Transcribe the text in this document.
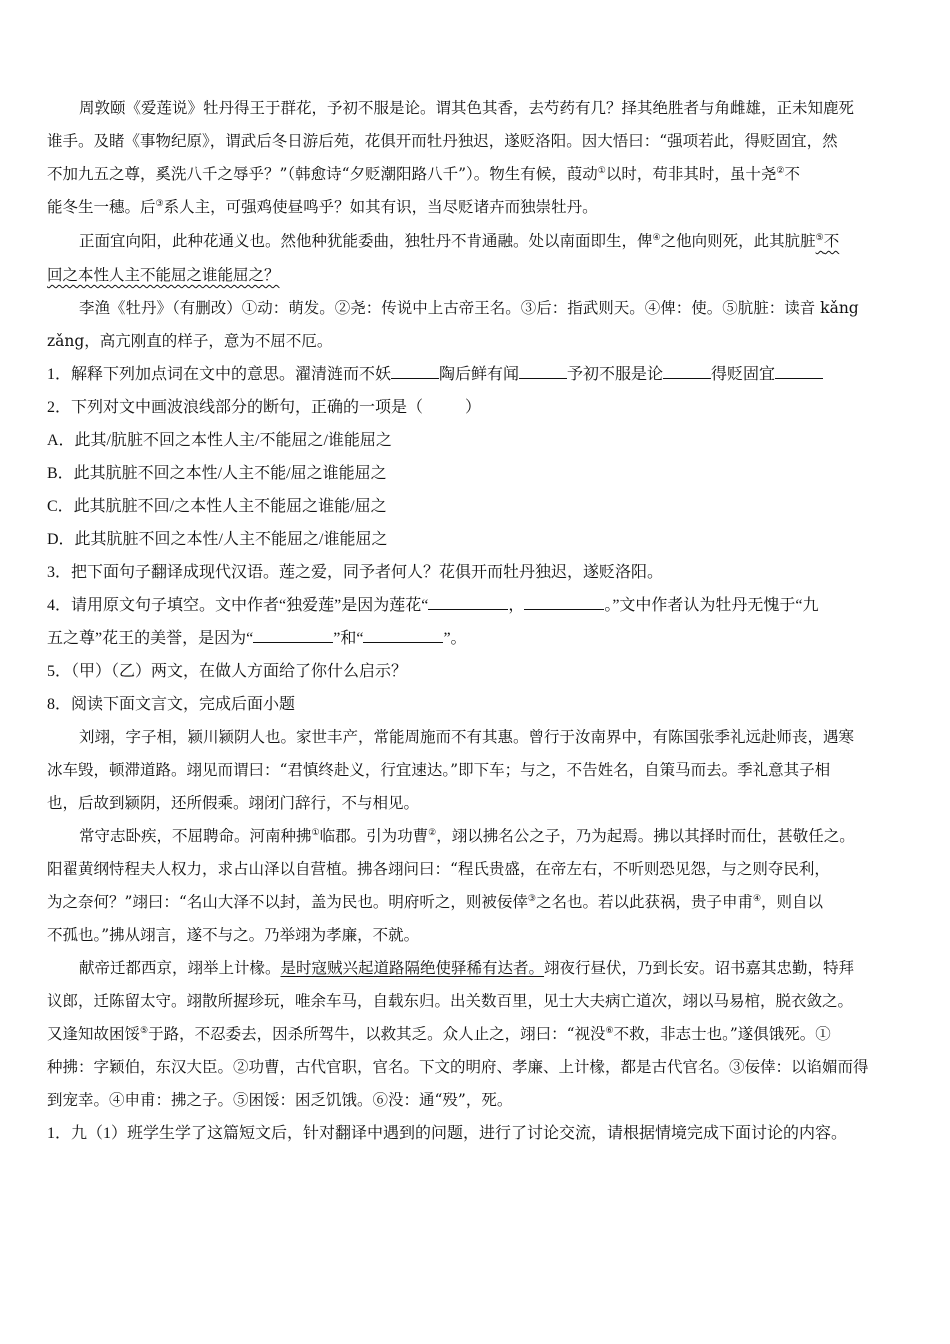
周敦颐《爱莲说》牡丹得王于群花，予初不服是论。谓其色其香，去芍药有几？择其绝胜者与角雌雄，正未知鹿死
谁手。及睹《事物纪原》，谓武后冬日游后苑，花俱开而牡丹独迟，遂贬洛阳。因大悟曰：“强项若此，得贬固宜，然
不加九五之尊，奚洗八千之辱乎？”（韩愈诗“夕贬潮阳路八千”）。物生有候，葭动①以时，苟非其时，虽十尧②不
能冬生一穗。后③系人主，可强鸡使昼鸣乎？如其有识，当尽贬诸卉而独崇牡丹。
正面宜向阳，此种花通义也。然他种犹能委曲，独牡丹不肯通融。处以南面即生，俾④之他向则死，此其肮脏⑤不
回之本性人主不能屈之谁能屈之？
李渔《牡丹》（有删改）①动：萌发。②尧：传说中上古帝王名。③后：指武则天。④俾：使。⑤肮脏：读音 kǎng
zǎng，高亢刚直的样子，意为不屈不厄。
1．解释下列加点词在文中的意思。濯清涟而不妖	陶后鲜有闻	予初不服是论	得贬固宜
2．下列对文中画波浪线部分的断句，正确的一项是（	）
A．此其/肮脏不回之本性人主/不能屈之/谁能屈之
B．此其肮脏不回之本性/人主不能/屈之谁能屈之
C．此其肮脏不回/之本性人主不能屈之谁能/屈之
D．此其肮脏不回之本性/人主不能屈之/谁能屈之
3．把下面句子翻译成现代汉语。莲之爱，同予者何人？花俱开而牡丹独迟，遂贬洛阳。
4．请用原文句子填空。文中作者“独爱莲”是因为莲花“	，	。”文中作者认为牡丹无愧于“九
五之尊”花王的美誉，是因为“	”和“	”。
5．（甲）（乙）两文，在做人方面给了你什么启示？
8．阅读下面文言文，完成后面小题
刘翊，字子相，颍川颍阴人也。家世丰产，常能周施而不有其惠。曾行于汝南界中，有陈国张季礼远赴师丧，遇寒
冰车毁，顿滞道路。翊见而谓曰：“君慎终赴义，行宜速达。”即下车；与之，不告姓名，自策马而去。季礼意其子相
也，后故到颍阴，还所假乘。翊闭门辞行，不与相见。
常守志卧疾，不屈聘命。河南种拂①临郡。引为功曹②，翊以拂名公之子，乃为起焉。拂以其择时而仕，甚敬任之。
阳翟黄纲恃程夫人权力，求占山泽以自营植。拂各翊问曰：“程氏贵盛，在帝左右，不听则恐见怨，与之则夺民利，
为之奈何？”翊曰：“名山大泽不以封，盖为民也。明府听之，则被佞倖③之名也。若以此获祸，贵子申甫④，则自以
不孤也。”拂从翊言，遂不与之。乃举翊为孝廉，不就。
献帝迁都西京，翊举上计椽。是时寇贼兴起道路隔绝使驿稀有达者。翊夜行昼伏，乃到长安。诏书嘉其忠勤，特拜
议郎，迁陈留太守。翊散所握珍玩，唯余车马，自载东归。出关数百里，见士大夫病亡道次，翊以马易棺，脱衣敛之。
又逢知故困馁⑤于路，不忍委去，因杀所驾牛，以救其乏。众人止之，翊曰：“视没⑥不救，非志士也。”遂俱饿死。①
种拂：字颖伯，东汉大臣。②功曹，古代官职，官名。下文的明府、孝廉、上计椽，都是古代官名。③佞倖：以谄媚而得
到宠幸。④申甫：拂之子。⑤困馁：困乏饥饿。⑥没：通“殁”，死。
1．九（1）班学生学了这篇短文后，针对翻译中遇到的问题，进行了讨论交流，请根据情境完成下面讨论的内容。
